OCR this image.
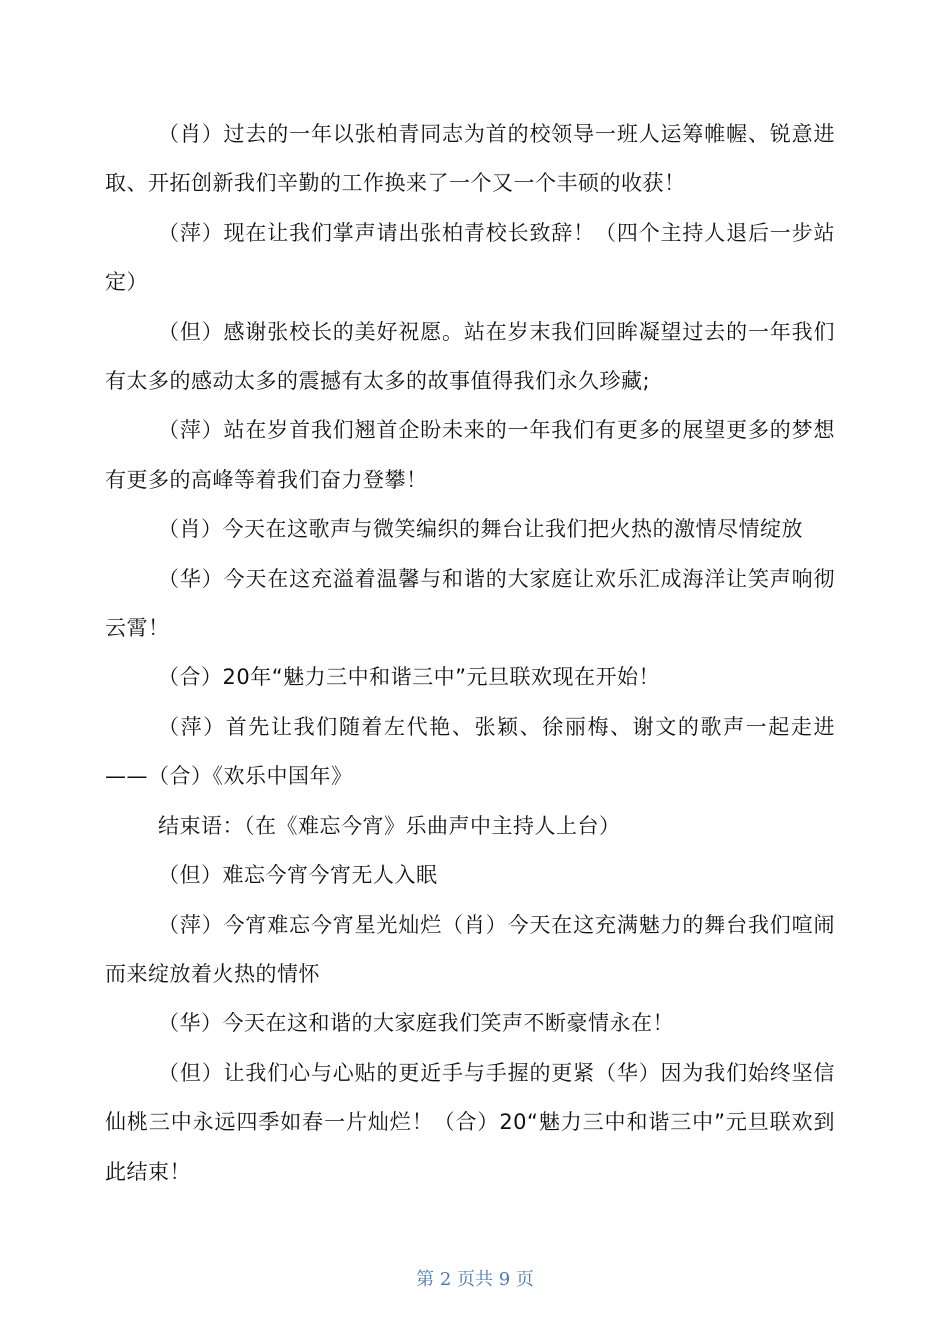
（肖）过去的一年以张柏青同志为首的校领导一班人运筹帷幄、锐意进取、开拓创新我们辛勤的工作换来了一个又一个丰硕的收获！

（萍）现在让我们掌声请出张柏青校长致辞！（四个主持人退后一步站定）

（但）感谢张校长的美好祝愿。站在岁末我们回眸凝望过去的一年我们有太多的感动太多的震撼有太多的故事值得我们永久珍藏;

（萍）站在岁首我们翘首企盼未来的一年我们有更多的展望更多的梦想有更多的高峰等着我们奋力登攀！

（肖）今天在这歌声与微笑编织的舞台让我们把火热的激情尽情绽放

（华）今天在这充溢着温馨与和谐的大家庭让欢乐汇成海洋让笑声响彻云霄！

（合）20年“魅力三中和谐三中”元旦联欢现在开始！

（萍）首先让我们随着左代艳、张颖、徐丽梅、谢文的歌声一起走进——（合）《欢乐中国年》

结束语：（在《难忘今宵》乐曲声中主持人上台）

（但）难忘今宵今宵无人入眠

（萍）今宵难忘今宵星光灿烂（肖）今天在这充满魅力的舞台我们喧闹而来绽放着火热的情怀

（华）今天在这和谐的大家庭我们笑声不断豪情永在！

（但）让我们心与心贴的更近手与手握的更紧（华）因为我们始终坚信仙桃三中永远四季如春一片灿烂！（合）20“魅力三中和谐三中”元旦联欢到此结束！

第 2 页共 9 页
